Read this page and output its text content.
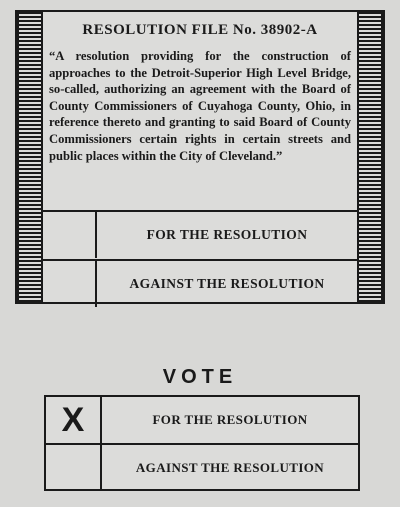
RESOLUTION FILE No. 38902-A
“A resolution providing for the construction of approaches to the Detroit-Superior High Level Bridge, so-called, authorizing an agreement with the Board of County Commissioners of Cuyahoga County, Ohio, in reference thereto and granting to said Board of County Commissioners certain rights in certain streets and public places within the City of Cleveland.”
FOR THE RESOLUTION
AGAINST THE RESOLUTION
VOTE
X	FOR THE RESOLUTION
AGAINST THE RESOLUTION
